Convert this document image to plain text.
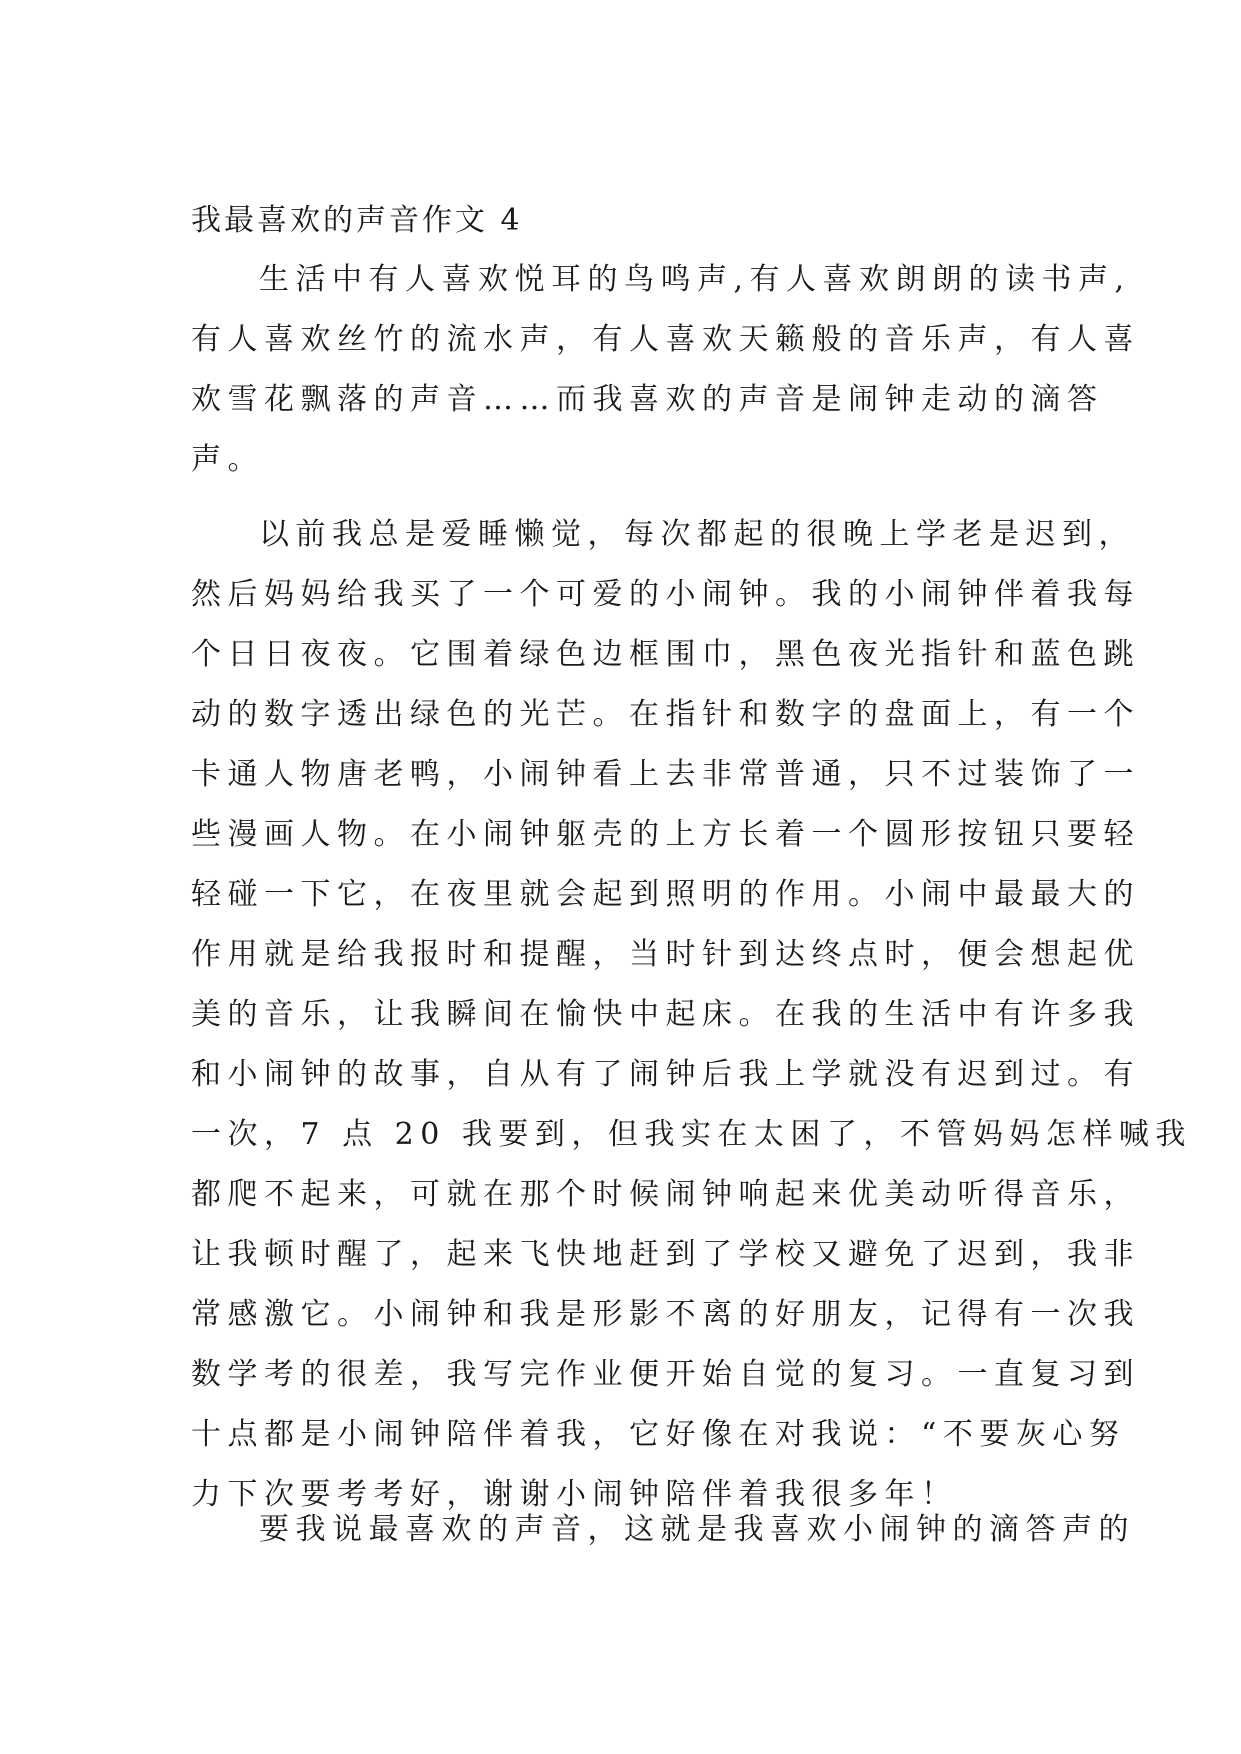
我最喜欢的声音作文 4
生活中有人喜欢悦耳的鸟鸣声,有人喜欢朗朗的读书声,
有人喜欢丝竹的流水声，有人喜欢天籁般的音乐声，有人喜
欢雪花飘落的声音……而我喜欢的声音是闹钟走动的滴答
声。
以前我总是爱睡懒觉，每次都起的很晚上学老是迟到，
然后妈妈给我买了一个可爱的小闹钟。我的小闹钟伴着我每
个日日夜夜。它围着绿色边框围巾，黑色夜光指针和蓝色跳
动的数字透出绿色的光芒。在指针和数字的盘面上，有一个
卡通人物唐老鸭，小闹钟看上去非常普通，只不过装饰了一
些漫画人物。在小闹钟躯壳的上方长着一个圆形按钮只要轻
轻碰一下它，在夜里就会起到照明的作用。小闹中最最大的
作用就是给我报时和提醒，当时针到达终点时，便会想起优
美的音乐，让我瞬间在愉快中起床。在我的生活中有许多我
和小闹钟的故事，自从有了闹钟后我上学就没有迟到过。有
一次，7 点 20 我要到，但我实在太困了，不管妈妈怎样喊我
都爬不起来，可就在那个时候闹钟响起来优美动听得音乐，
让我顿时醒了，起来飞快地赶到了学校又避免了迟到，我非
常感激它。小闹钟和我是形影不离的好朋友，记得有一次我
数学考的很差，我写完作业便开始自觉的复习。一直复习到
十点都是小闹钟陪伴着我，它好像在对我说：“不要灰心努
力下次要考考好，谢谢小闹钟陪伴着我很多年！
要我说最喜欢的声音，这就是我喜欢小闹钟的滴答声的
